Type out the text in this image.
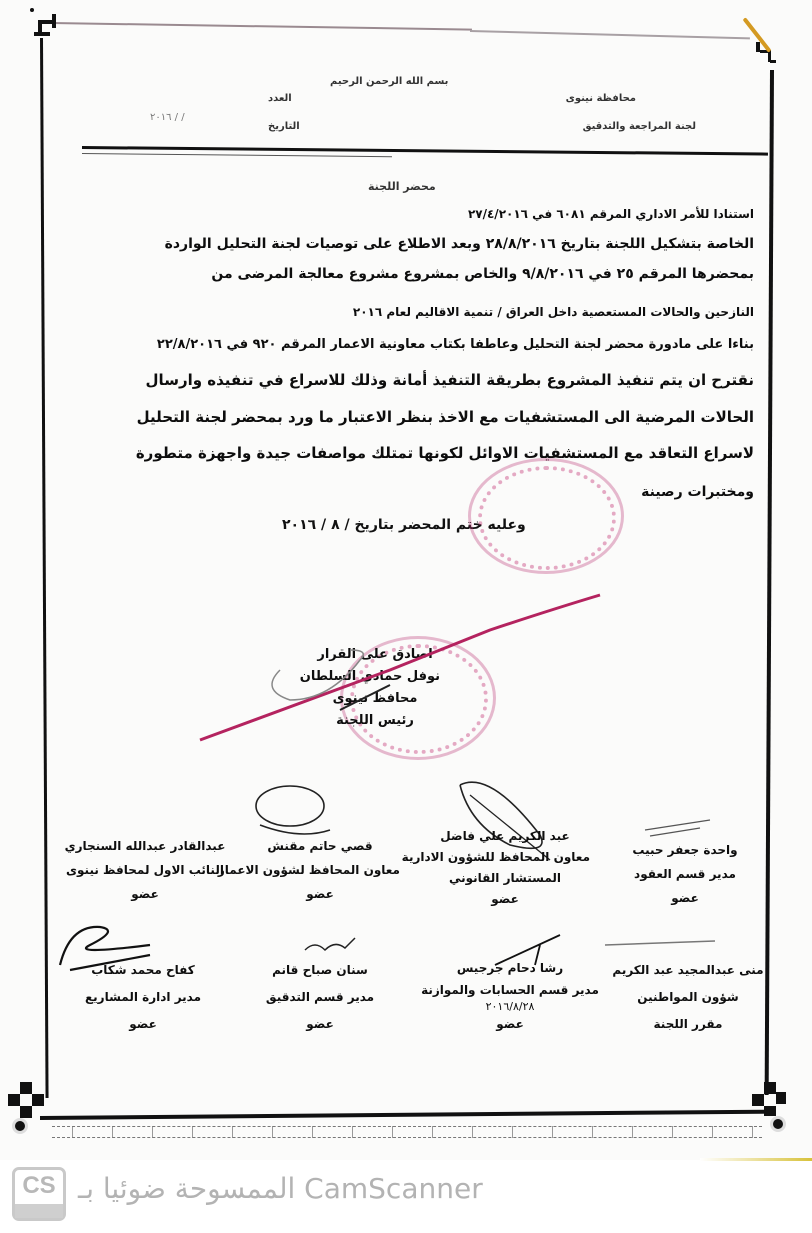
بسم الله الرحمن الرحيم
محافظة نينوى
العدد
لجنة المراجعة والتدقيق
التاريخ
/ / ٢٠١٦
محضر اللجنة
استنادا للأمر الاداري المرقم ٦٠٨١ في ٢٧/٤/٢٠١٦
الخاصة بتشكيل اللجنة بتاريخ ٢٨/٨/٢٠١٦ وبعد الاطلاع على توصيات لجنة التحليل الواردة
بمحضرها المرقم ٢٥ في ٩/٨/٢٠١٦ والخاص بمشروع مشروع معالجة المرضى من
النازحين والحالات المستعصية داخل العراق / تنمية الاقاليم لعام ٢٠١٦
بناءا على مادورة محضر لجنة التحليل وعاطفا بكتاب معاونية الاعمار المرقم ٩٢٠ في ٢٢/٨/٢٠١٦
نقترح ان يتم تنفيذ المشروع بطريقة التنفيذ أمانة وذلك للاسراع في تنفيذه وارسال
الحالات المرضية الى المستشفيات مع الاخذ بنظر الاعتبار ما ورد بمحضر لجنة التحليل
لاسراع التعاقد مع المستشفيات الاوائل لكونها تمتلك مواصفات جيدة واجهزة متطورة
ومختبرات رصينة
وعليه ختم المحضر بتاريخ / ٨ / ٢٠١٦
اصادق على القرار
نوفل حمادي السلطان
محافظ نينوى
رئيس اللجنة
واحدة جعفر حبيب
مدير قسم العقود
عضو
عبد الكريم علي فاضل
معاون المحافظ للشؤون الادارية
المستشار القانوني
عضو
قصي حاتم مقنش
معاون المحافظ لشؤون الاعمار
عضو
عبدالقادر عبدالله السنجاري
النائب الاول لمحافظ نينوى
عضو
منى عبدالمجيد عبد الكريم
شؤون المواطنين
مقرر اللجنة
رشا دحام جرجيس
مدير قسم الحسابات والموازنة
٢٠١٦/٨/٢٨
عضو
سنان صباح قانم
مدير قسم التدقيق
عضو
كفاح محمد شكاب
مدير ادارة المشاريع
عضو
CS الممسوحة ضوئيا بـ CamScanner
